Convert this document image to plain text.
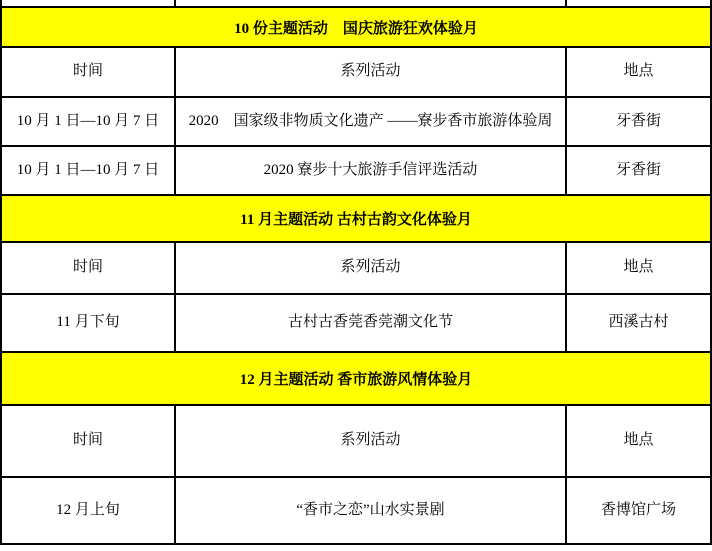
10 份主题活动　国庆旅游狂欢体验月
时间	系列活动	地点
10 月 1 日—10 月 7 日	2020　国家级非物质文化遗产 ——寮步香市旅游体验周	牙香街
10 月 1 日—10 月 7 日	2020 寮步十大旅游手信评选活动	牙香街
11 月主题活动 古村古韵文化体验月
时间	系列活动	地点
11 月下旬	古村古香莞香莞潮文化节	西溪古村
12 月主题活动 香市旅游风情体验月
时间	系列活动	地点
12 月上旬	“香市之恋”山水实景剧	香博馆广场
